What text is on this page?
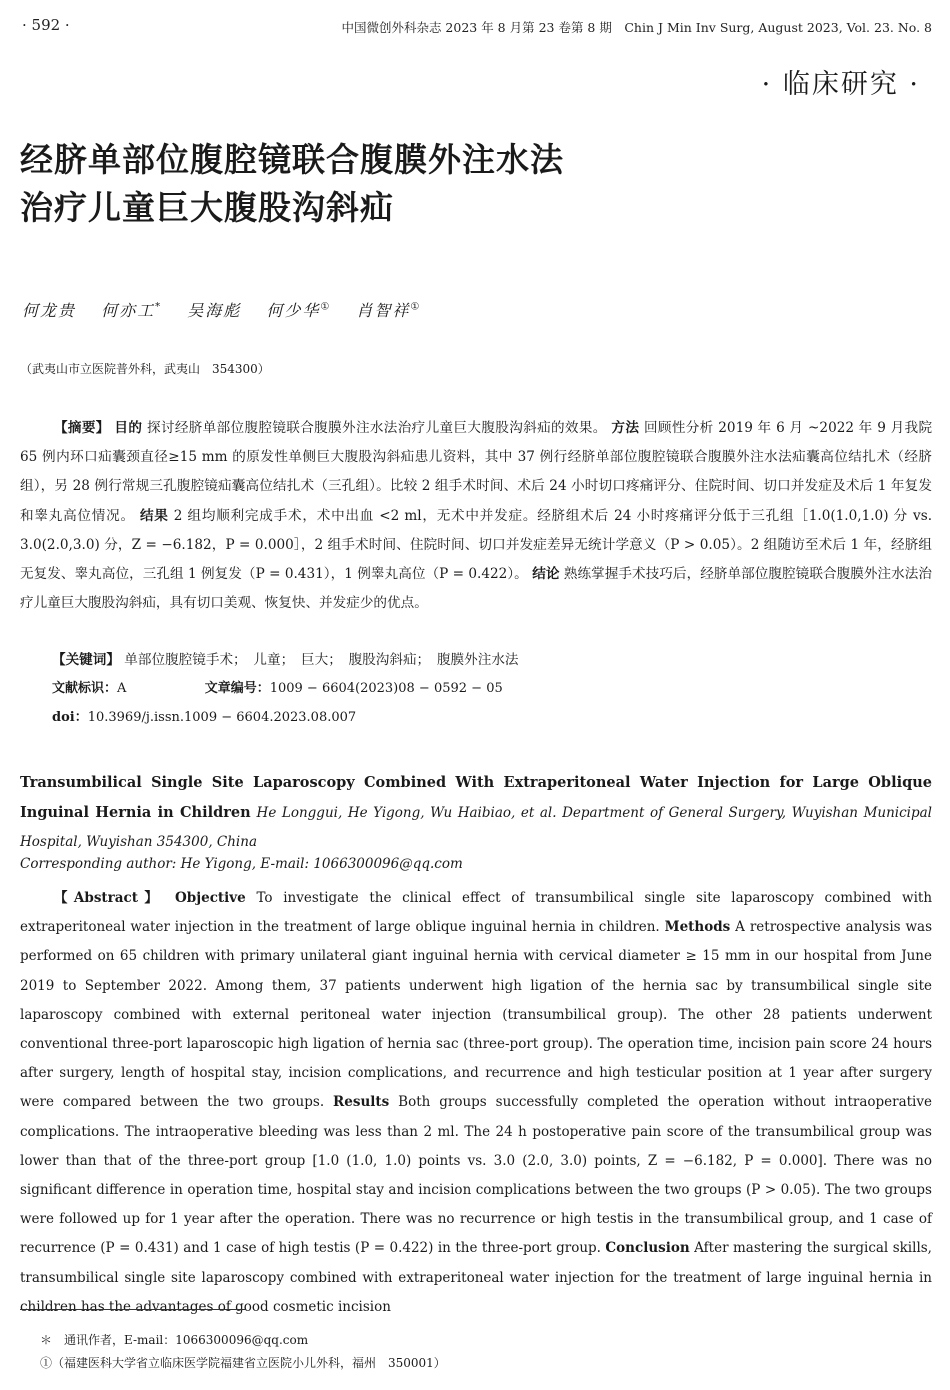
· 592 ·	中国微创外科杂志 2023 年 8 月第 23 卷第 8 期　Chin J Min Inv Surg, August 2023, Vol. 23. No. 8
· 临床研究 ·
经脐单部位腹腔镜联合腹膜外注水法
治疗儿童巨大腹股沟斜疝
何龙贵 何亦工* 吴海彪 何少华① 肖智祥①
（武夷山市立医院普外科，武夷山　354300）
【摘要】 目的 探讨经脐单部位腹腔镜联合腹膜外注水法治疗儿童巨大腹股沟斜疝的效果。 方法 回顾性分析 2019 年 6 月 ~2022 年 9 月我院 65 例内环口疝囊颈直径≥15 mm 的原发性单侧巨大腹股沟斜疝患儿资料，其中 37 例行经脐单部位腹腔镜联合腹膜外注水法疝囊高位结扎术（经脐组），另 28 例行常规三孔腹腔镜疝囊高位结扎术（三孔组）。比较 2 组手术时间、术后 24 小时切口疼痛评分、住院时间、切口并发症及术后 1 年复发和睾丸高位情况。 结果 2 组均顺利完成手术，术中出血 <2 ml，无术中并发症。经脐组术后 24 小时疼痛评分低于三孔组［1.0(1.0,1.0) 分 vs. 3.0(2.0,3.0) 分，Z = −6.182，P = 0.000］，2 组手术时间、住院时间、切口并发症差异无统计学意义（P > 0.05）。2 组随访至术后 1 年，经脐组无复发、睾丸高位，三孔组 1 例复发（P = 0.431），1 例睾丸高位（P = 0.422）。 结论 熟练掌握手术技巧后，经脐单部位腹腔镜联合腹膜外注水法治疗儿童巨大腹股沟斜疝，具有切口美观、恢复快、并发症少的优点。
【关键词】 单部位腹腔镜手术；　儿童；　巨大；　腹股沟斜疝；　腹膜外注水法
文献标识：A	文章编号：1009 − 6604(2023)08 − 0592 − 05
doi：10.3969/j.issn.1009 − 6604.2023.08.007
Transumbilical Single Site Laparoscopy Combined With Extraperitoneal Water Injection for Large Oblique Inguinal Hernia in Children He Longgui, He Yigong, Wu Haibiao, et al. Department of General Surgery, Wuyishan Municipal Hospital, Wuyishan 354300, China
Corresponding author: He Yigong, E-mail: 1066300096@qq.com
【Abstract】 Objective To investigate the clinical effect of transumbilical single site laparoscopy combined with extraperitoneal water injection in the treatment of large oblique inguinal hernia in children. Methods A retrospective analysis was performed on 65 children with primary unilateral giant inguinal hernia with cervical diameter ≥ 15 mm in our hospital from June 2019 to September 2022. Among them, 37 patients underwent high ligation of the hernia sac by transumbilical single site laparoscopy combined with external peritoneal water injection (transumbilical group). The other 28 patients underwent conventional three-port laparoscopic high ligation of hernia sac (three-port group). The operation time, incision pain score 24 hours after surgery, length of hospital stay, incision complications, and recurrence and high testicular position at 1 year after surgery were compared between the two groups. Results Both groups successfully completed the operation without intraoperative complications. The intraoperative bleeding was less than 2 ml. The 24 h postoperative pain score of the transumbilical group was lower than that of the three-port group [1.0 (1.0, 1.0) points vs. 3.0 (2.0, 3.0) points, Z = −6.182, P = 0.000]. There was no significant difference in operation time, hospital stay and incision complications between the two groups (P > 0.05). The two groups were followed up for 1 year after the operation. There was no recurrence or high testis in the transumbilical group, and 1 case of recurrence (P = 0.431) and 1 case of high testis (P = 0.422) in the three-port group. Conclusion After mastering the surgical skills, transumbilical single site laparoscopy combined with extraperitoneal water injection for the treatment of large inguinal hernia in children has the advantages of good cosmetic incision
＊　通讯作者，E-mail：1066300096@qq.com
①（福建医科大学省立临床医学院福建省立医院小儿外科，福州　350001）
